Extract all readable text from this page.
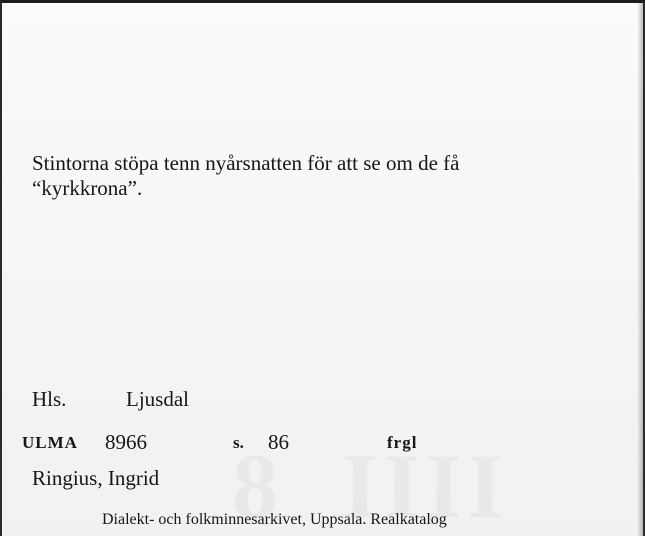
Stintorna stöpa tenn nyårsnatten för att se om de få
“kyrkkrona”.
Hls.	Ljusdal
ULMA 8966	s. 86	frgl
Ringius, Ingrid
Dialekt- och folkminnesarkivet, Uppsala. Realkatalog
